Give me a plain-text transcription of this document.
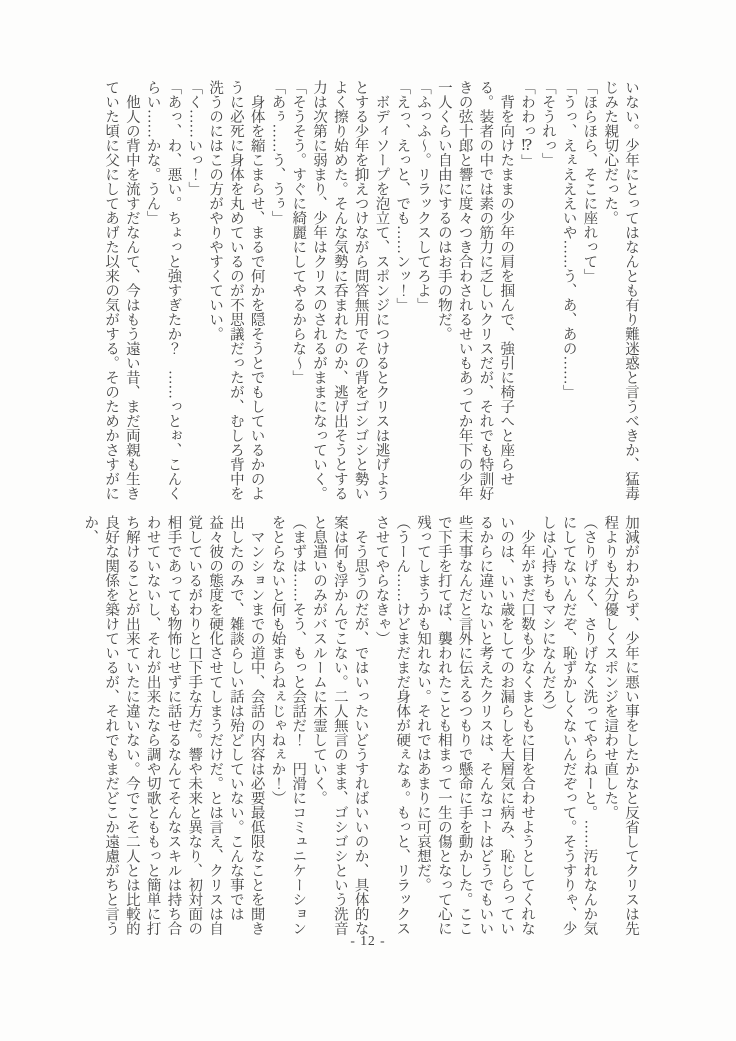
いない。少年にとってはなんとも有り難迷惑と言うべきか、猛毒じみた親切心だった。

「ほらほら、そこに座れって」

「うっ、えぇえええいや……う、あ、あの……」

「そうれっ」

「わわっ⁉」

　背を向けたままの少年の肩を掴んで、強引に椅子へと座らせる。装者の中では素の筋力に乏しいクリスだが、それでも特訓好きの弦十郎と響に度々つき合わされるせいもあってか年下の少年一人くらい自由にするのはお手の物だ。

「ふっふ〜。リラックスしてろよ」

「えっ、えっと、でも……ンッ！」

　ボディソープを泡立て、スポンジにつけるとクリスは逃げようとする少年を抑えつけながら問答無用でその背をゴシゴシと勢いよく擦り始めた。そんな気勢に呑まれたのか、逃げ出そうとする力は次第に弱まり、少年はクリスのされるがままになっていく。

「そうそう。すぐに綺麗にしてやるからな〜」

「あぅ……う、うぅ」

　身体を縮こまらせ、まるで何かを隠そうとでもしているかのように必死に身体を丸めているのが不思議だったが、むしろ背中を洗うのにはこの方がやりやすくていい。

「く……いっ！」

「あっ、わ、悪い。ちょっと強すぎたか？　……っとぉ、こんくらい……かな。うん」

　他人の背中を流すだなんて、今はもう遠い昔、まだ両親も生きていた頃に父にしてあげた以来の気がする。そのためかさすがに

加減がわからず、少年に悪い事をしたかなと反省してクリスは先程よりも大分優しくスポンジを這わせ直した。

（さりげなく、さりげなく洗ってやらねーと。……汚れなんか気にしてないんだぞ、恥ずかしくないんだぞって。そうすりゃ、少しは心持ちもマシになんだろ）

　少年がまだ口数も少なくまともに目を合わせようとしてくれないのは、いい歳をしてのお漏らしを大層気に病み、恥じらっているからに違いないと考えたクリスは、そんなコトはどうでもいい些末事なんだと言外に伝えるつもりで懸命に手を動かした。ここで下手を打てば、襲われたことも相まって一生の傷となって心に残ってしまうかも知れない。それではあまりに可哀想だ。

（うーん……けどまだまだ身体が硬ぇなぁ。もっと、リラックスさせてやらなきゃ）

　そう思うのだが、ではいったいどうすればいいのか、具体的な案は何も浮かんでこない。二人無言のまま、ゴシゴシという洗音と息遣いのみがバスルームに木霊していく。

（まずは……そう、もっと会話だ！　円滑にコミュニケーションをとらないと何も始まらねぇじゃねぇか！）

　マンションまでの道中、会話の内容は必要最低限なことを聞き出したのみで、雑談らしい話は殆どしていない。こんな事では益々彼の態度を硬化させてしまうだけだ。とは言え、クリスは自覚しているがわりと口下手な方だ。響や未来と異なり、初対面の相手であっても物怖じせずに話せるなんてそんなスキルは持ち合わせていないし、それが出来たなら調や切歌とももっと簡単に打ち解けることが出来ていたに違いない。今でこそ二人とは比較的良好な関係を築けているが、それでもまだどこか遠慮がちと言うか、

- 12 -
